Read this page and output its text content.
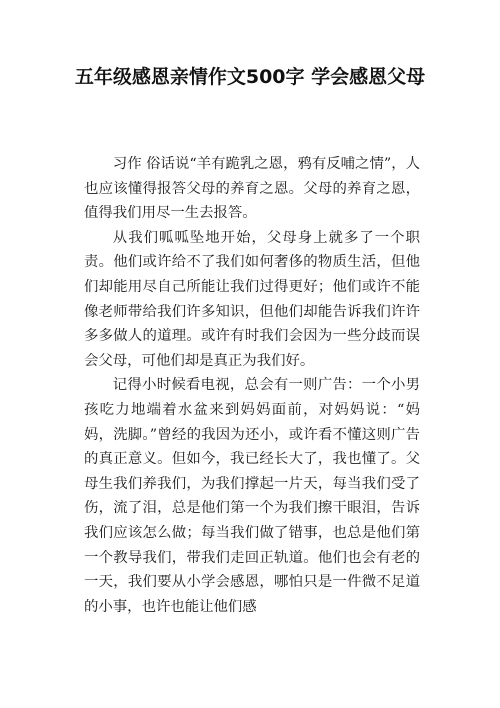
五年级感恩亲情作文500字 学会感恩父母

习作 俗话说“羊有跪乳之恩，鸦有反哺之情”，人也应该懂得报答父母的养育之恩。父母的养育之恩，值得我们用尽一生去报答。

从我们呱呱坠地开始，父母身上就多了一个职责。他们或许给不了我们如何奢侈的物质生活，但他们却能用尽自己所能让我们过得更好；他们或许不能像老师带给我们许多知识，但他们却能告诉我们许许多多做人的道理。或许有时我们会因为一些分歧而误会父母，可他们却是真正为我们好。

记得小时候看电视，总会有一则广告：一个小男孩吃力地端着水盆来到妈妈面前，对妈妈说：“妈妈，洗脚。”曾经的我因为还小，或许看不懂这则广告的真正意义。但如今，我已经长大了，我也懂了。父母生我们养我们，为我们撑起一片天，每当我们受了伤，流了泪，总是他们第一个为我们擦干眼泪，告诉我们应该怎么做；每当我们做了错事，也总是他们第一个教导我们，带我们走回正轨道。他们也会有老的一天，我们要从小学会感恩，哪怕只是一件微不足道的小事，也许也能让他们感
